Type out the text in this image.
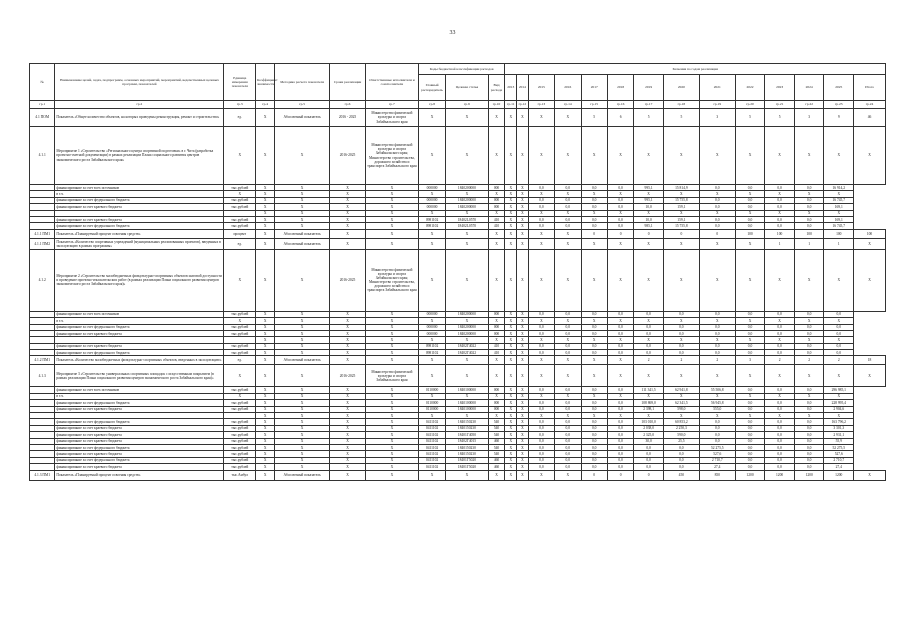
33
№	Наименование целей, задач, подпрограмм, основных мероприятий, мероприятий, ведомственных целевых программ, показателей	Единица измерения показателя	Коэффициент значимости	Методика расчета показателя	Сроки реализации	Ответственные исполнители и соисполнители	Коды бюджетной классификации расходов			Значения по годам реализации													
							Главный распорядитель	Целевая статья	Вид расхода	2013	2014	2015	2016	2017	2018	2019	2020	2021	2022	2023	2024	2025	Итого
гр.1	гр.2	гр.3	гр.4	гр.5	гр.6	гр.7	гр.8	гр.9	гр.10	гр.11	гр.12	гр.13	гр.14	гр.15	гр.16	гр.17	гр.18	гр.19	гр.20	гр.21	гр.22	гр.23	гр.24
4.1 ПОМ	Показатель «Общее количество объектов, на которых проведены реконструкция, ремонт и строительство»	ед.	X	Абсолютный показатель	2016 - 2025	Министерство физической культуры и спорта Забайкальского края	X	X	X	X	X	X	X	5	6	5	5	3	5	5	3	9	46
4.1.1	Мероприятие 1 «Строительство «Регионального центра спортивной подготовки» в г. Чита (разработка проектно-сметной документации) в рамках реализации Плана социального развития центров экономического роста Забайкальского края»	X	X	X	2016-2025	Министерство физической культуры и спорта Забайкальского края; Министерство строительства, дорожного хозяйства и транспорта Забайкальского края	X	X	X	X	X	X	X	X	X	X	X	X	X	X	X	X	X
	финансирование за счет всех источников	тыс.рублей	X	X	X	X	000000	1840200000	000	X	X	0,0	0,0	0,0	0,0	995,1	15 814,9	0,0	0,0	0,0	0,0	16 914,2	
	в т.ч.	X	X	X	X	X	X	X	X	X	X	X	X	X	X	X	X	X	X	X	X	X	
	финансирование за счет федерального бюджета	тыс.рублей	X	X	X	X	000000	1840200000	000	X	X	0,0	0,0	0,0	0,0	995,1	15 755,8	0,0	0,0	0,0	0,0	16 745,7	
	финансирование за счет краевого бюджета	тыс.рублей	X	X	X	X	000000	1840200000	000	X	X	0,0	0,0	0,0	0,0	10,0	159,1	0,0	0,0	0,0	0,0	169,1	
			X	X	X	X	X	X	X	X	X	X	X	X	X	X	X	X	X	X	X	X	
	финансирование за счет краевого бюджета	тыс.рублей	X	X	X	X	0981102	18402L0570	410	X	X	0,0	0,0	0,0	0,0	10,0	159,1	0,0	0,0	0,0	0,0	169,1	
	финансирование за счет федерального бюджета	тыс.рублей	X	X	X	X	0981102	18402L0570	410	X	X	0,0	0,0	0,0	0,0	985,1	15 755,8	0,0	0,0	0,0	0,0	16 745,7	
4.1.1 ПМ1	Показатель «Планируемый процент освоения средств»	процент	X	Абсолютный показатель	X	X	X	X	X	X	X	X	X	0	0	0	0	0	100	100	100	100	100
4.1.1 ПМ2	Показатель «Количество спортивных учреждений (муниципальных реализованных проектов), введенных в эксплуатацию в рамках программы»	ед.	X	Абсолютный показатель	X	X	X	X	X	X	X	X	X	X	X	X	X	X	X	1	1	1	X
4.1.2	Мероприятие 2 «Строительство малобюджетных физкультурно-спортивных объектов шаговой доступности и проведение проектно-изыскательских работ (в рамках реализации Плана социального развития центров экономического роста Забайкальского края)»	X	X	X	2016-2025	Министерство физической культуры и спорта Забайкальского края; Министерство строительства, дорожного хозяйства и транспорта Забайкальского края	X	X	X	X	X	X	X	X	X	X	X	X	X	X	X	X	X
	финансирование за счет всех источников	тыс.рублей	X	X	X	X	000000	1840200000	000	X	X	0,0	0,0	0,0	0,0	0,0	0,0	0,0	0,0	0,0	0,0	0,0	
	в т.ч.	X	X	X	X	X	X	X	X	X	X	X	X	X	X	X	X	X	X	X	X	X	
	финансирование за счет федерального бюджета	тыс.рублей	X	X	X	X	000000	1840200000	000	X	X	0,0	0,0	0,0	0,0	0,0	0,0	0,0	0,0	0,0	0,0	0,0	
	финансирование за счет краевого бюджета	тыс.рублей	X	X	X	X	000000	1840200000	000	X	X	0,0	0,0	0,0	0,0	0,0	0,0	0,0	0,0	0,0	0,0	0,0	
			X	X	X	X	X	X	X	X	X	X	X	X	X	X	X	X	X	X	X	X	
	финансирование за счет краевого бюджета	тыс.рублей	X	X	X	X	0981102	18402Г4022	410	X	X	0,0	0,0	0,0	0,0	0,0	0,0	0,0	0,0	0,0	0,0	0,0	
	финансирование за счет федерального бюджета	тыс.рублей	X	X	X	X	0981102	18402Г4022	410	X	X	0,0	0,0	0,0	0,0	0,0	0,0	0,0	0,0	0,0	0,0	0,0	
4.1.2 ПМ1	Показатель «Количество малобюджетных физкультурно-спортивных объектов, введенных в эксплуатацию»	ед.	X	Абсолютный показатель	X	X	X	X	X	X	X	X	X	X	X	2	2	2	3	2	2	2	18
4.1.3	Мероприятие 3 «Строительство универсальных спортивных площадок с искусственным покрытием (в рамках реализации Плана социального развития центров экономического роста Забайкальского края)»	X	X	X	2016-2025	Министерство физической культуры и спорта Забайкальского края	X	X	X	X	X	X	X	X	X	X	X	X	X	X	X	X	X
	финансирование за счет всех источников	тыс.рублей	X	X	X	X	0110000	1840100000	000	X	X	0,0	0,0	0,0	0,0	111 341,5	62 941,8	55 506,8	0,0	0,0	0,0	296 985,1	
	в т.ч.	X	X	X	X	X	X	X	X	X	X	X	X	X	X	X	X	X	X	X	X	X	
	финансирование за счет федерального бюджета	тыс.рублей	X	X	X	X	0110000	1840100000	000	X	X	0,0	0,0	0,0	0,0	108 869,0	62 341,5	56 945,8	0,0	0,0	0,0	228 995,4	
	финансирование за счет краевого бюджета	тыс.рублей	X	X	X	X	0110000	1840100000	000	X	X	0,0	0,0	0,0	0,0	2 398,1	598,0	555,0	0,0	0,0	0,0	2 904,6	
			X	X	X	X	X	X	X	X	X	X	X	X	X	X	X	X	X	X	X	X	
	финансирование за счет федерального бюджета	тыс.рублей	X	X	X	X	0411102	1840150230	540	X	X	0,0	0,0	0,0	0,0	103 010,0	60 853,2	0,0	0,0	0,0	0,0	163 796,2	
	финансирование за счет краевого бюджета	тыс.рублей	X	X	X	X	0411102	1840150230	540	X	X	0,0	0,0	0,0	0,0	2 038,0	2 250,3	0,0	0,0	0,0	0,0	3 301,3	
	финансирование за счет краевого бюджета	тыс.рублей	X	X	X	X	0411102	18401Г4050	540	X	X	0,0	0,0	0,0	0,0	2 325,0	590,0	0,0	0,0	0,0	0,0	2 931,1	
	финансирование за счет краевого бюджета	тыс.рублей	X	X	X	X	0411102	18402Г4015	460	X	X	0,0	0,0	0,0	0,0	30,0	25,5	0,0	0,0	0,0	0,0	55,9	
	финансирование за счет федерального бюджета	тыс.рублей	X	X	X	X	0411102	1840150230	540	X	X	0,0	0,0	0,0	0,0	0,0	0,0	52 275,5	0,0	0,0	0,0	52 275,5	
	финансирование за счет краевого бюджета	тыс.рублей	X	X	X	X	0411102	1840150230	540	X	X	0,0	0,0	0,0	0,0	0,0	0,0	527,6	0,0	0,0	0,0	527,6	
	финансирование за счет федерального бюджета	тыс.рублей	X	X	X	X	0411102	18401Г5020	460	X	X	0,0	0,0	0,0	0,0	0,0	0,0	2 710,7	0,0	0,0	0,0	2 710,7	
	финансирование за счет краевого бюджета	тыс.рублей	X	X	X	X	0411102	18401Г5020	460	X	X	0,0	0,0	0,0	0,0	0,0	0,0	27,4	0,0	0,0	0,0	27,4	
4.1.3 ПМ1	Показатель «Планируемый процент освоения средств»	тыс.Амбул	X	Абсолютный показатель	X	X	X	X	X	X	X	X	X	0	0	0	450	850	1200	1200	1200	1200	X
